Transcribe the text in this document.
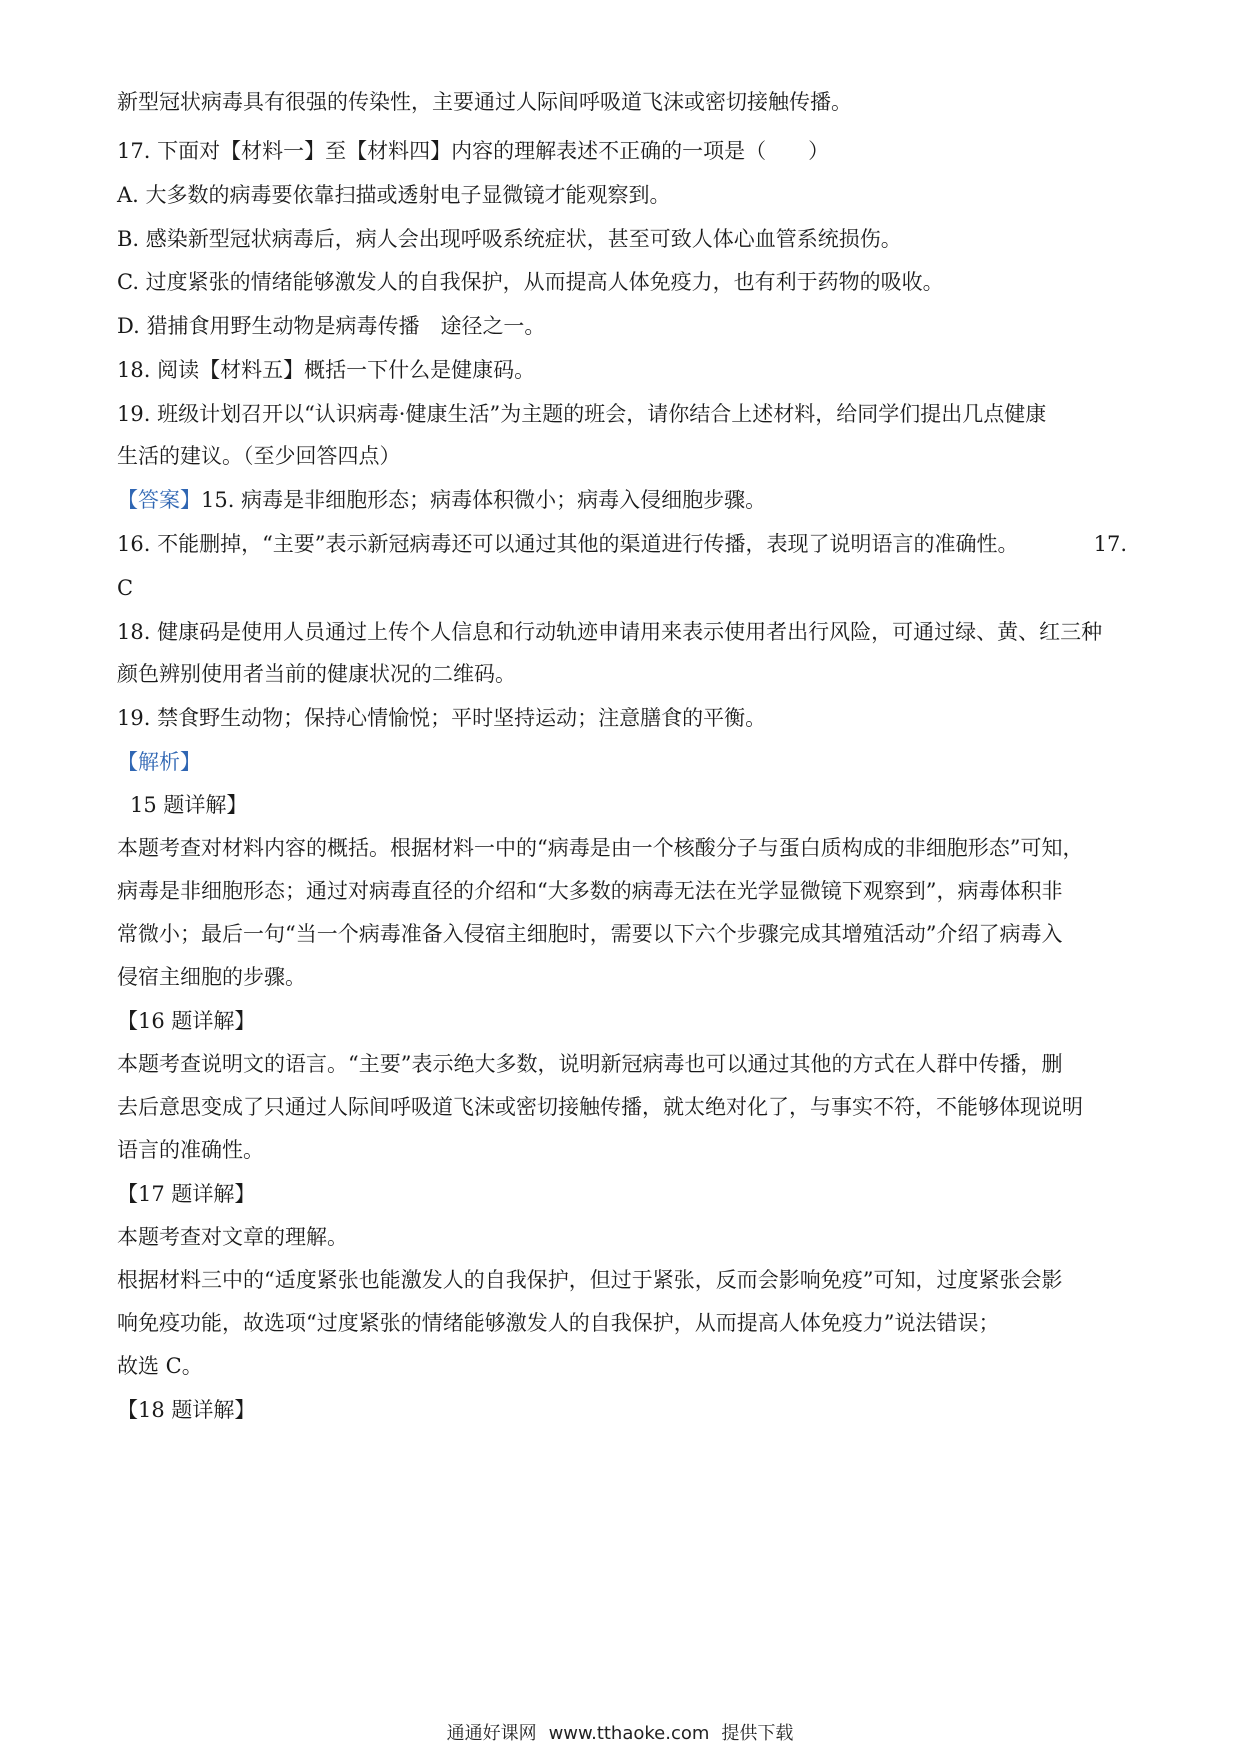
新型冠状病毒具有很强的传染性，主要通过人际间呼吸道飞沫或密切接触传播。
17. 下面对【材料一】至【材料四】内容的理解表述不正确的一项是（　　）
A. 大多数的病毒要依靠扫描或透射电子显微镜才能观察到。
B. 感染新型冠状病毒后，病人会出现呼吸系统症状，甚至可致人体心血管系统损伤。
C. 过度紧张的情绪能够激发人的自我保护，从而提高人体免疫力，也有利于药物的吸收。
D. 猎捕食用野生动物是病毒传播　途径之一。
18. 阅读【材料五】概括一下什么是健康码。
19. 班级计划召开以“认识病毒·健康生活”为主题的班会，请你结合上述材料，给同学们提出几点健康
生活的建议。（至少回答四点）
【答案】15. 病毒是非细胞形态；病毒体积微小；病毒入侵细胞步骤。
16. 不能删掉，“主要”表示新冠病毒还可以通过其他的渠道进行传播，表现了说明语言的准确性。	17.
C
18. 健康码是使用人员通过上传个人信息和行动轨迹申请用来表示使用者出行风险，可通过绿、黄、红三种
颜色辨别使用者当前的健康状况的二维码。
19. 禁食野生动物；保持心情愉悦；平时坚持运动；注意膳食的平衡。
【解析】
15 题详解】
本题考查对材料内容的概括。根据材料一中的“病毒是由一个核酸分子与蛋白质构成的非细胞形态”可知，
病毒是非细胞形态；通过对病毒直径的介绍和“大多数的病毒无法在光学显微镜下观察到”，病毒体积非
常微小；最后一句“当一个病毒准备入侵宿主细胞时，需要以下六个步骤完成其增殖活动”介绍了病毒入
侵宿主细胞的步骤。
【16 题详解】
本题考查说明文的语言。“主要”表示绝大多数，说明新冠病毒也可以通过其他的方式在人群中传播，删
去后意思变成了只通过人际间呼吸道飞沫或密切接触传播，就太绝对化了，与事实不符，不能够体现说明
语言的准确性。
【17 题详解】
本题考查对文章的理解。
根据材料三中的“适度紧张也能激发人的自我保护，但过于紧张，反而会影响免疫”可知，过度紧张会影
响免疫功能，故选项“过度紧张的情绪能够激发人的自我保护，从而提高人体免疫力”说法错误；
故选 C。
【18 题详解】
通通好课网 www.tthaoke.com 提供下载
